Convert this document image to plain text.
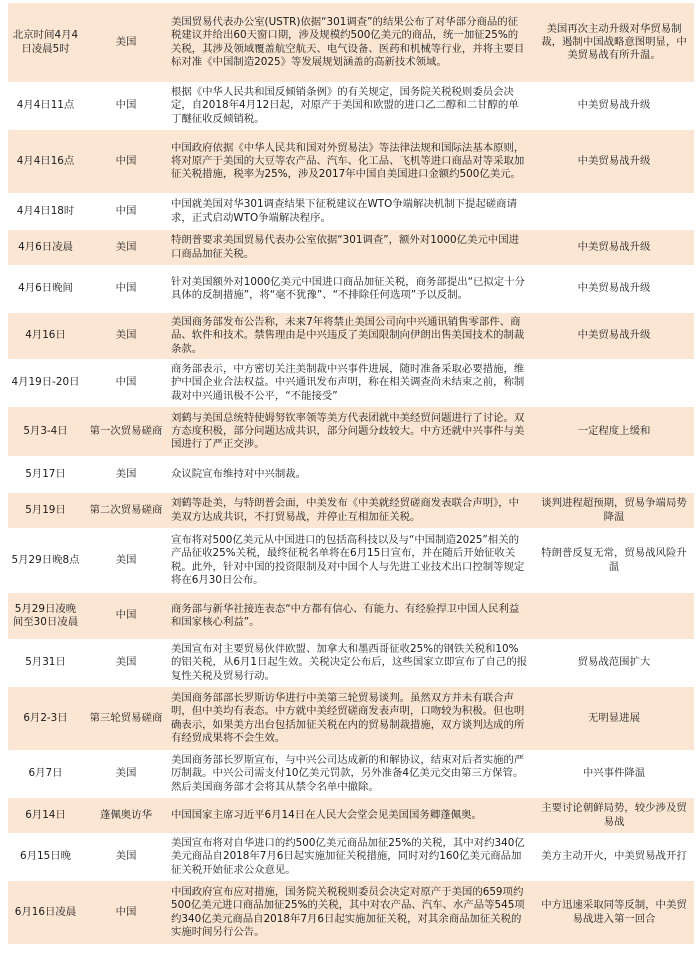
北京时间4月4日凌晨5时	美国	美国贸易代表办公室(USTR)依据“301调查”的结果公布了对华部分商品的征税建议并给出60天窗口期，涉及规模约500亿美元的商品，统一加征25%的关税，其涉及领域覆盖航空航天、电气设备、医药和机械等行业，并将主要目标对准《中国制造2025》等发展规划涵盖的高新技术领域。	美国再次主动升级对华贸易制裁，遏制中国战略意图明显，中美贸易战有所升温。
4月4日11点	中国	根据《中华人民共和国反倾销条例》的有关规定，国务院关税税则委员会决定，自2018年4月12日起，对原产于美国和欧盟的进口乙二醇和二甘醇的单丁醚征收反倾销税。	中美贸易战升级
4月4日16点	中国	中国政府依据《中华人民共和国对外贸易法》等法律法规和国际法基本原则，将对原产于美国的大豆等农产品、汽车、化工品、飞机等进口商品对等采取加征关税措施，税率为25%，涉及2017年中国自美国进口金额约500亿美元。	中美贸易战升级
4月4日18时	中国	中国就美国对华301调查结果下征税建议在WTO争端解决机制下提起磋商请求，正式启动WTO争端解决程序。	
4月6日凌晨	美国	特朗普要求美国贸易代表办公室依据“301调查”，额外对1000亿美元中国进口商品加征关税。	中美贸易战升级
4月6日晚间	中国	针对美国额外对1000亿美元中国进口商品加征关税，商务部提出“已拟定十分具体的反制措施”，将“毫不犹豫”、“不排除任何选项”予以反制。	中美贸易战升级
4月16日	美国	美国商务部发布公告称，未来7年将禁止美国公司向中兴通讯销售零部件、商品、软件和技术。禁售理由是中兴违反了美国限制向伊朗出售美国技术的制裁条款。	中美贸易战升级
4月19日-20日	中国	商务部表示，中方密切关注美制裁中兴事件进展，随时准备采取必要措施，维护中国企业合法权益。中兴通讯发布声明，称在相关调查尚未结束之前，称制裁对中兴通讯极不公平，“不能接受”	
5月3-4日	第一次贸易磋商	刘鹤与美国总统特使姆努钦率领等美方代表团就中美经贸问题进行了讨论。双方态度积极，部分问题达成共识，部分问题分歧较大。中方还就中兴事件与美国进行了严正交涉。	一定程度上缓和
5月17日	美国	众议院宣布维持对中兴制裁。	
5月19日	第二次贸易磋商	刘鹤等赴美，与特朗普会面，中美发布《中美就经贸磋商发表联合声明》，中美双方达成共识，不打贸易战，并停止互相加征关税。	谈判进程超预期，贸易争端局势降温
5月29日晚8点	美国	宣布将对500亿美元从中国进口的包括高科技以及与“中国制造2025”相关的产品征收25%关税，最终征税名单将在6月15日宣布，并在随后开始征收关税。此外，针对中国的投资限制及对中国个人与先进工业技术出口控制等规定将在6月30日公布。	特朗普反复无常，贸易战风险升温
5月29日凌晚间至30日凌晨	中国	商务部与新华社接连表态“中方都有信心、有能力、有经验捍卫中国人民利益和国家核心利益”。	
5月31日	美国	美国宣布对主要贸易伙伴欧盟、加拿大和墨西哥征收25%的钢铁关税和10%的铝关税，从6月1日起生效。关税决定公布后，这些国家立即宣布了自己的报复性关税及贸易行动。	贸易战范围扩大
6月2-3日	第三轮贸易磋商	美国商务部部长罗斯访华进行中美第三轮贸易谈判。虽然双方并未有联合声明，但中美均有表态。中方就中美经贸磋商发表声明，口吻较为积极。但也明确表示，如果美方出台包括加征关税在内的贸易制裁措施，双方谈判达成的所有经贸成果将不会生效。	无明显进展
6月7日	美国	美国商务部长罗斯宣布，与中兴公司达成新的和解协议，结束对后者实施的严厉制裁。中兴公司需支付10亿美元罚款，另外准备4亿美元交由第三方保管。然后美国商务部才会将其从禁令名单中撤除。	中兴事件降温
6月14日	蓬佩奥访华	中国国家主席习近平6月14日在人民大会堂会见美国国务卿蓬佩奥。	主要讨论朝鲜局势，较少涉及贸易战
6月15日晚	美国	美国宣布将对自华进口的约500亿美元商品加征25%的关税，其中对约340亿美元商品自2018年7月6日起实施加征关税措施，同时对约160亿美元商品加征关税开始征求公众意见。	美方主动开火，中美贸易战开打
6月16日凌晨	中国	中国政府宣布应对措施，国务院关税税则委员会决定对原产于美国的659项约500亿美元进口商品加征25%的关税，其中对农产品、汽车、水产品等545项约340亿美元商品自2018年7月6日起实施加征关税，对其余商品加征关税的实施时间另行公告。	中方迅速采取同等反制，中美贸易战进入第一回合
